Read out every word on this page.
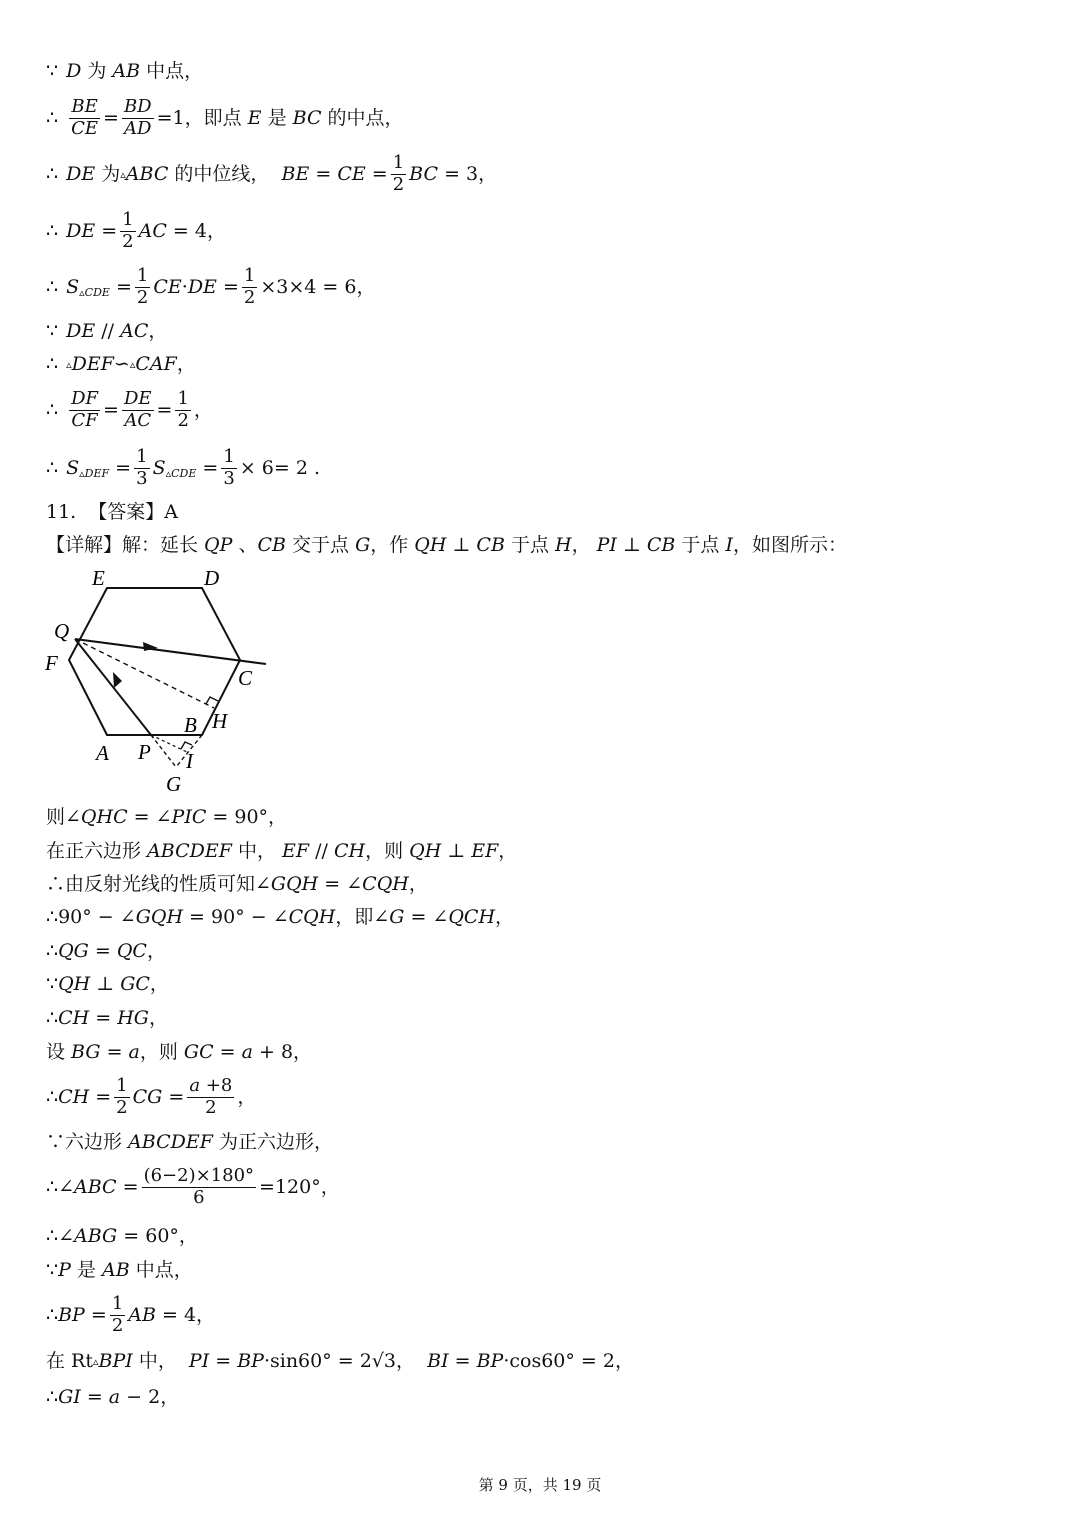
∵ D 为 AB 中点，
∴
BE
CE =
BD
AD =1，即点 E 是 BC 的中点，
∴ DE 为 ▵ ABC 的中位线， BE = CE =
1
2 BC = 3，
∴ DE =
1
2 AC = 4，
∴ S ▵CDE =
1
2 CE · DE =
1
2 ×3×4 = 6，
∵ DE // AC ，
∴ ▵ DEF ∽ ▵ CAF ，
∴
DF
CF =
DE
AC =
1
2 ，
∴ S ▵DEF =
1
3 S ▵CDE =
1
3 × 6= 2 .
11.  【答案】A
【详解】解：延长 QP 、 CB 交于点 G ，作 QH ⊥ CB 于点 H ， PI ⊥ CB 于点 I ，如图所示：
E	D
Q
F
C
H
B
A P I
G
则∠ QHC = ∠ PIC = 90°，
在正六边形 ABCDEF 中， EF // CH ，则 QH ⊥ EF ，
∴由反射光线的性质可知∠ GQH = ∠ CQH ，
∴90° − ∠ GQH = 90° − ∠ CQH ，即∠ G = ∠ QCH ，
∴ QG = QC ，
∵ QH ⊥ GC ，
∴ CH = HG ，
设 BG = a ，则 GC = a + 8，
∴ CH =
1
2 CG =
a +8
2 ，
∵六边形 ABCDEF 为正六边形，
∴∠ ABC =
(6−2)×180°
6	=120°，
∴∠ ABG = 60°，
∵ P 是 AB 中点，
∴ BP =
1
2 AB = 4，
在 Rt ▵ BPI 中， PI = BP ·sin60° = 2√3， BI = BP ·cos60° = 2，
∴ GI = a − 2，
第 9 页，共 19 页
